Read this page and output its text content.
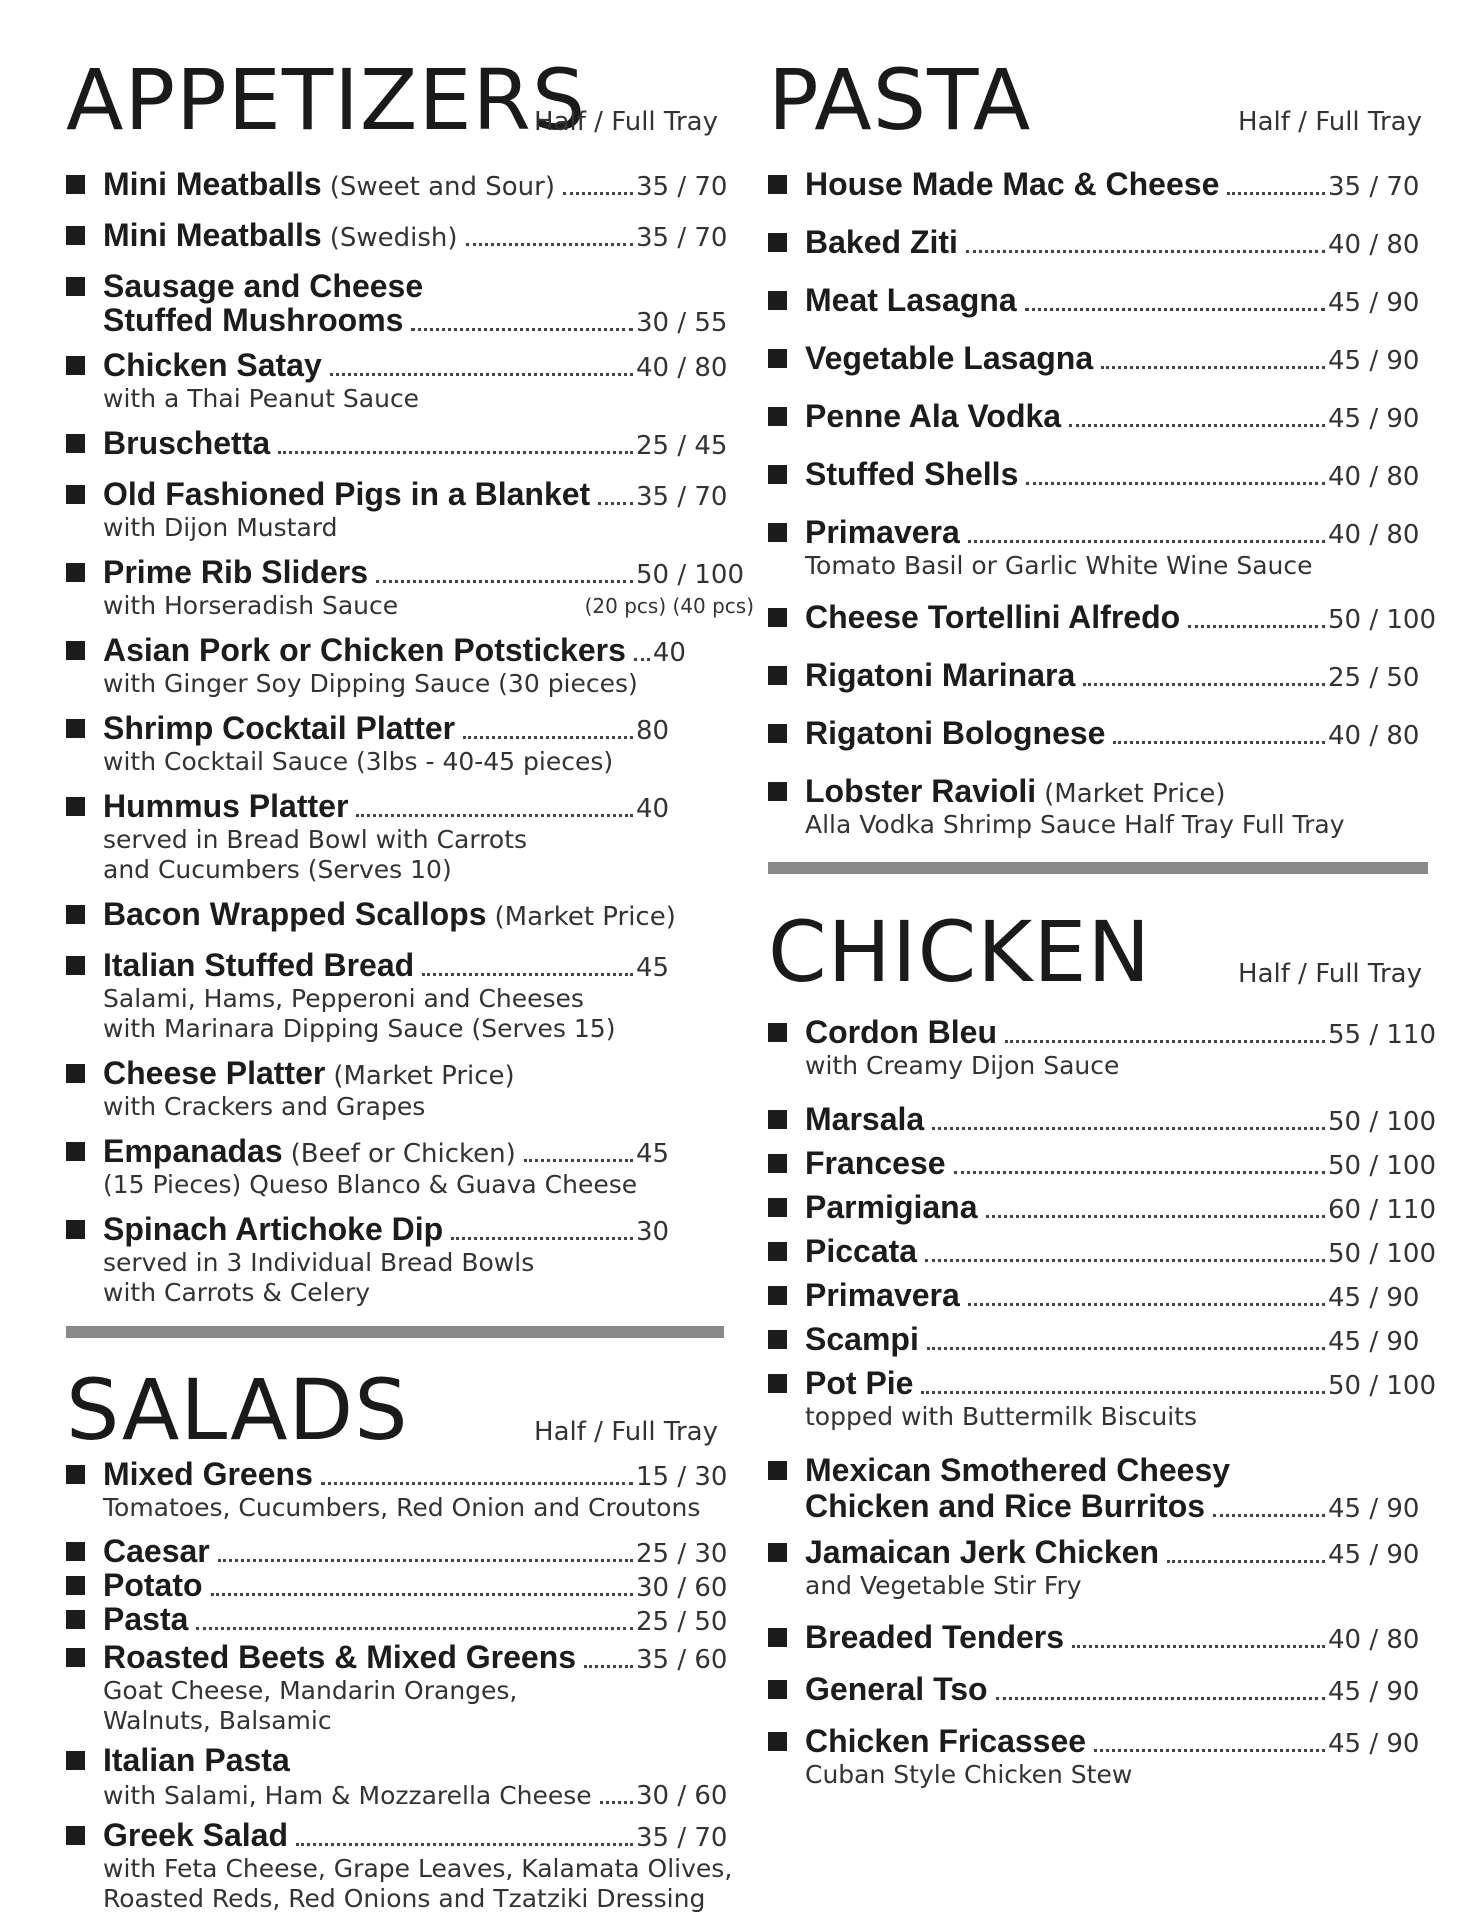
APPETIZERS
Half / Full Tray
Mini Meatballs (Sweet and Sour)	35 / 70
Mini Meatballs (Swedish)	35 / 70
Sausage and Cheese
Stuffed Mushrooms	30 / 55
Chicken Satay	40 / 80
with a Thai Peanut Sauce
Bruschetta	25 / 45
Old Fashioned Pigs in a Blanket 35 / 70
with Dijon Mustard
Prime Rib Sliders	50 / 100
with Horseradish Sauce	(20 pcs) (40 pcs)
Asian Pork or Chicken Potstickers 40
with Ginger Soy Dipping Sauce (30 pieces)
Shrimp Cocktail Platter	80
with Cocktail Sauce (3lbs - 40-45 pieces)
Hummus Platter	40
served in Bread Bowl with Carrots
and Cucumbers (Serves 10)
Bacon Wrapped Scallops (Market Price)
Italian Stuffed Bread	45
Salami, Hams, Pepperoni and Cheeses
with Marinara Dipping Sauce (Serves 15)
Cheese Platter (Market Price)
with Crackers and Grapes
Empanadas (Beef or Chicken)	45
(15 Pieces) Queso Blanco & Guava Cheese
Spinach Artichoke Dip	30
served in 3 Individual Bread Bowls
with Carrots & Celery
SALADS	Half / Full Tray
Mixed Greens	15 / 30
Tomatoes, Cucumbers, Red Onion and Croutons
Caesar	25 / 30
Potato	30 / 60
Pasta	25 / 50
Roasted Beets & Mixed Greens 35 / 60
Goat Cheese, Mandarin Oranges,
Walnuts, Balsamic
Italian Pasta
with Salami, Ham & Mozzarella Cheese 30 / 60
Greek Salad	35 / 70
with Feta Cheese, Grape Leaves, Kalamata Olives,
Roasted Reds, Red Onions and Tzatziki Dressing
PASTA	Half / Full Tray
House Made Mac & Cheese	35 / 70
Baked Ziti	40 / 80
Meat Lasagna	45 / 90
Vegetable Lasagna	45 / 90
Penne Ala Vodka	45 / 90
Stuffed Shells	40 / 80
Primavera	40 / 80
Tomato Basil or Garlic White Wine Sauce
Cheese Tortellini Alfredo	50 / 100
Rigatoni Marinara	25 / 50
Rigatoni Bolognese	40 / 80
Lobster Ravioli (Market Price)
Alla Vodka Shrimp Sauce Half Tray Full Tray
CHICKEN	Half / Full Tray
Cordon Bleu	55 / 110
with Creamy Dijon Sauce
Marsala	50 / 100
Francese	50 / 100
Parmigiana	60 / 110
Piccata	50 / 100
Primavera	45 / 90
Scampi	45 / 90
Pot Pie	50 / 100
topped with Buttermilk Biscuits
Mexican Smothered Cheesy
Chicken and Rice Burritos	45 / 90
Jamaican Jerk Chicken	45 / 90
and Vegetable Stir Fry
Breaded Tenders	40 / 80
General Tso	45 / 90
Chicken Fricassee	45 / 90
Cuban Style Chicken Stew
